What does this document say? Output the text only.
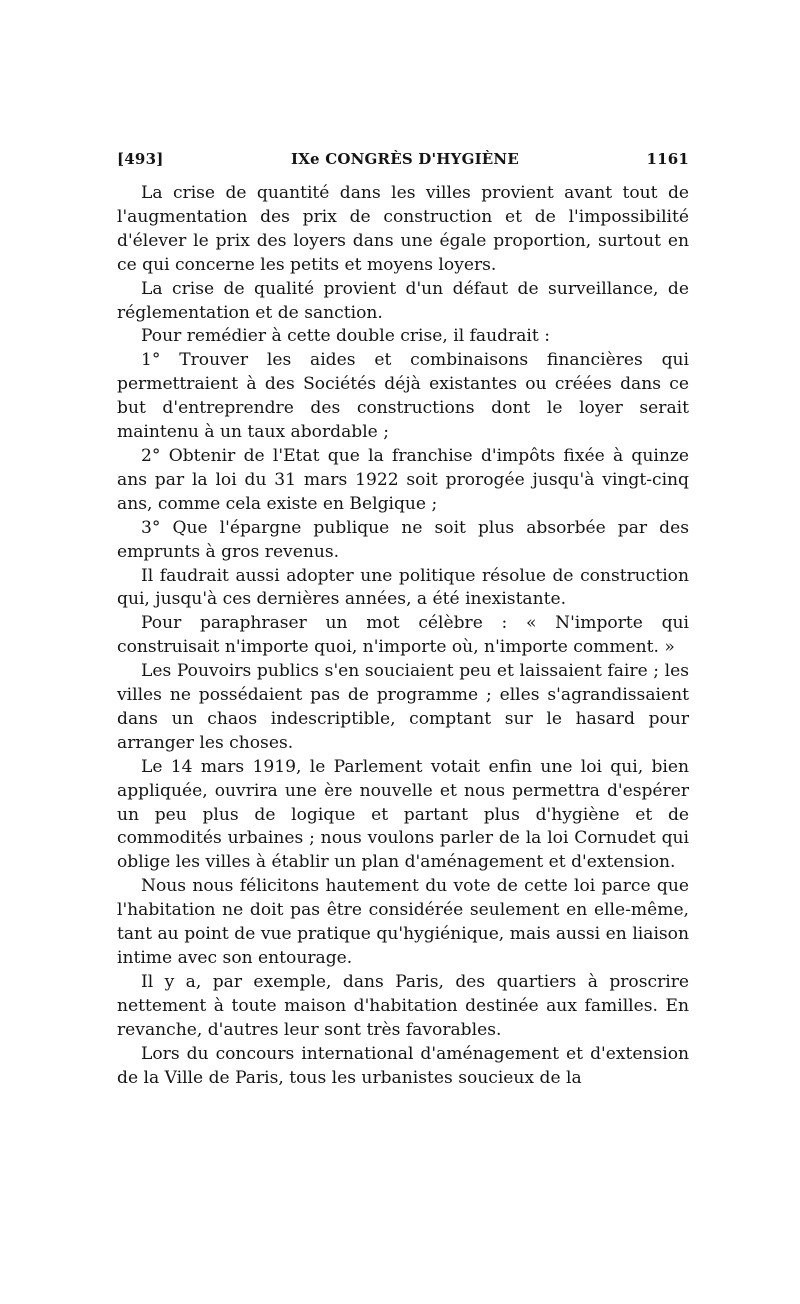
[493]	IXe CONGRÈS D'HYGIÈNE	1161

La crise de quantité dans les villes provient avant tout de l'augmentation des prix de construction et de l'impossibilité d'élever le prix des loyers dans une égale proportion, surtout en ce qui concerne les petits et moyens loyers.

La crise de qualité provient d'un défaut de surveillance, de réglementation et de sanction.

Pour remédier à cette double crise, il faudrait :

1° Trouver les aides et combinaisons financières qui permettraient à des Sociétés déjà existantes ou créées dans ce but d'entreprendre des constructions dont le loyer serait maintenu à un taux abordable ;

2° Obtenir de l'Etat que la franchise d'impôts fixée à quinze ans par la loi du 31 mars 1922 soit prorogée jusqu'à vingt-cinq ans, comme cela existe en Belgique ;

3° Que l'épargne publique ne soit plus absorbée par des emprunts à gros revenus.

Il faudrait aussi adopter une politique résolue de construction qui, jusqu'à ces dernières années, a été inexistante.

Pour paraphraser un mot célèbre : « N'importe qui construisait n'importe quoi, n'importe où, n'importe comment. »

Les Pouvoirs publics s'en souciaient peu et laissaient faire ; les villes ne possédaient pas de programme ; elles s'agrandissaient dans un chaos indescriptible, comptant sur le hasard pour arranger les choses.

Le 14 mars 1919, le Parlement votait enfin une loi qui, bien appliquée, ouvrira une ère nouvelle et nous permettra d'espérer un peu plus de logique et partant plus d'hygiène et de commodités urbaines ; nous voulons parler de la loi Cornudet qui oblige les villes à établir un plan d'aménagement et d'extension.

Nous nous félicitons hautement du vote de cette loi parce que l'habitation ne doit pas être considérée seulement en elle-même, tant au point de vue pratique qu'hygiénique, mais aussi en liaison intime avec son entourage.

Il y a, par exemple, dans Paris, des quartiers à proscrire nettement à toute maison d'habitation destinée aux familles. En revanche, d'autres leur sont très favorables.

Lors du concours international d'aménagement et d'extension de la Ville de Paris, tous les urbanistes soucieux de la
